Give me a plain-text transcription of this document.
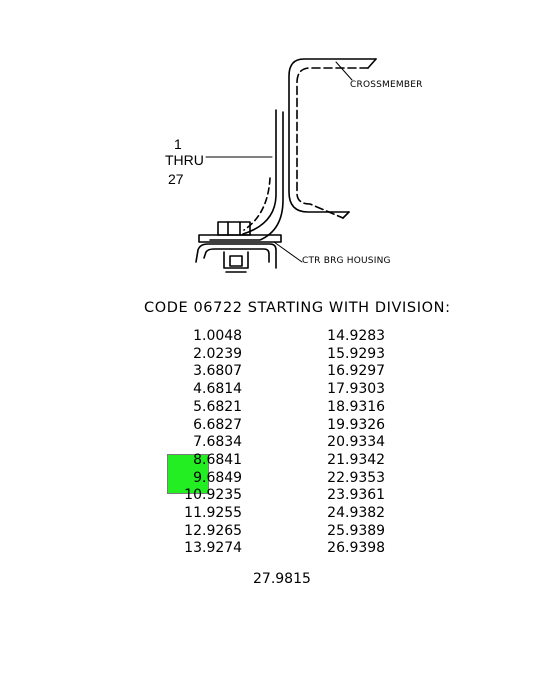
CROSSMEMBER
CTR BRG HOUSING
1
THRU
27
CODE 06722 STARTING WITH DIVISION:
1.0048
2.0239
3.6807
4.6814
5.6821
6.6827
7.6834
8.6841
9.6849
10.9235
11.9255
12.9265
13.9274
14.9283
15.9293
16.9297
17.9303
18.9316
19.9326
20.9334
21.9342
22.9353
23.9361
24.9382
25.9389
26.9398
27.9815
